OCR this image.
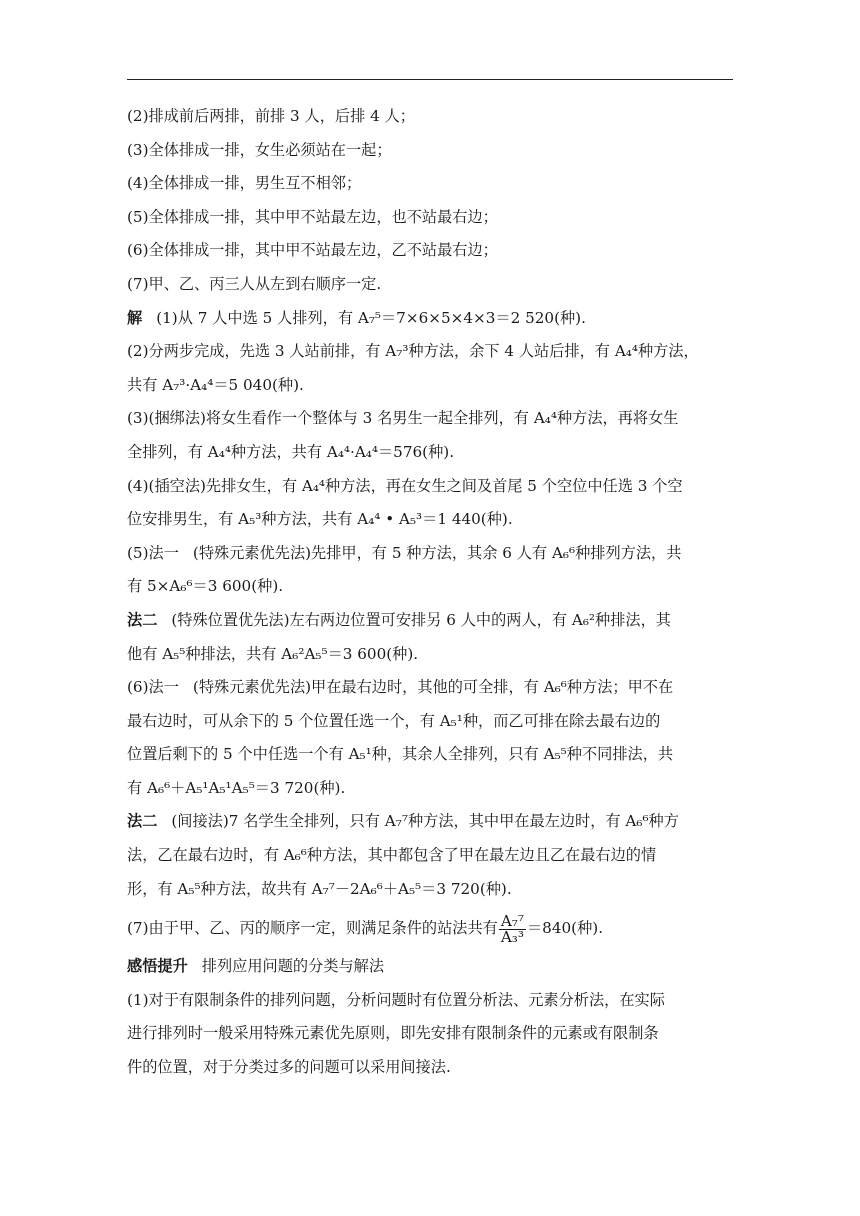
(2)排成前后两排，前排 3 人，后排 4 人；
(3)全体排成一排，女生必须站在一起；
(4)全体排成一排，男生互不相邻；
(5)全体排成一排，其中甲不站最左边，也不站最右边；
(6)全体排成一排，其中甲不站最左边，乙不站最右边；
(7)甲、乙、丙三人从左到右顺序一定.
解 (1)从 7 人中选 5 人排列，有 A₇⁵＝7×6×5×4×3＝2 520(种).
(2)分两步完成，先选 3 人站前排，有 A₇³种方法，余下 4 人站后排，有 A₄⁴种方法，
共有 A₇³·A₄⁴＝5 040(种).
(3)(捆绑法)将女生看作一个整体与 3 名男生一起全排列，有 A₄⁴种方法，再将女生
全排列，有 A₄⁴种方法，共有 A₄⁴·A₄⁴＝576(种).
(4)(插空法)先排女生，有 A₄⁴种方法，再在女生之间及首尾 5 个空位中任选 3 个空
位安排男生，有 A₅³种方法，共有 A₄⁴ • A₅³＝1 440(种).
(5)法一 (特殊元素优先法)先排甲，有 5 种方法，其余 6 人有 A₆⁶种排列方法，共
有 5×A₆⁶＝3 600(种).
法二 (特殊位置优先法)左右两边位置可安排另 6 人中的两人，有 A₆²种排法，其
他有 A₅⁵种排法，共有 A₆²A₅⁵＝3 600(种).
(6)法一 (特殊元素优先法)甲在最右边时，其他的可全排，有 A₆⁶种方法；甲不在
最右边时，可从余下的 5 个位置任选一个，有 A₅¹种，而乙可排在除去最右边的
位置后剩下的 5 个中任选一个有 A₅¹种，其余人全排列，只有 A₅⁵种不同排法，共
有 A₆⁶＋A₅¹A₅¹A₅⁵＝3 720(种).
法二 (间接法)7 名学生全排列，只有 A₇⁷种方法，其中甲在最左边时，有 A₆⁶种方
法，乙在最右边时，有 A₆⁶种方法，其中都包含了甲在最左边且乙在最右边的情
形，有 A₅⁵种方法，故共有 A₇⁷－2A₆⁶＋A₅⁵＝3 720(种).
(7)由于甲、乙、丙的顺序一定，则满足条件的站法共有 $\frac{\text{A₇⁷}}{\text{A₃³}} =840$(种).
感悟提升 排列应用问题的分类与解法
(1)对于有限制条件的排列问题，分析问题时有位置分析法、元素分析法，在实际
进行排列时一般采用特殊元素优先原则，即先安排有限制条件的元素或有限制条
件的位置，对于分类过多的问题可以采用间接法.
